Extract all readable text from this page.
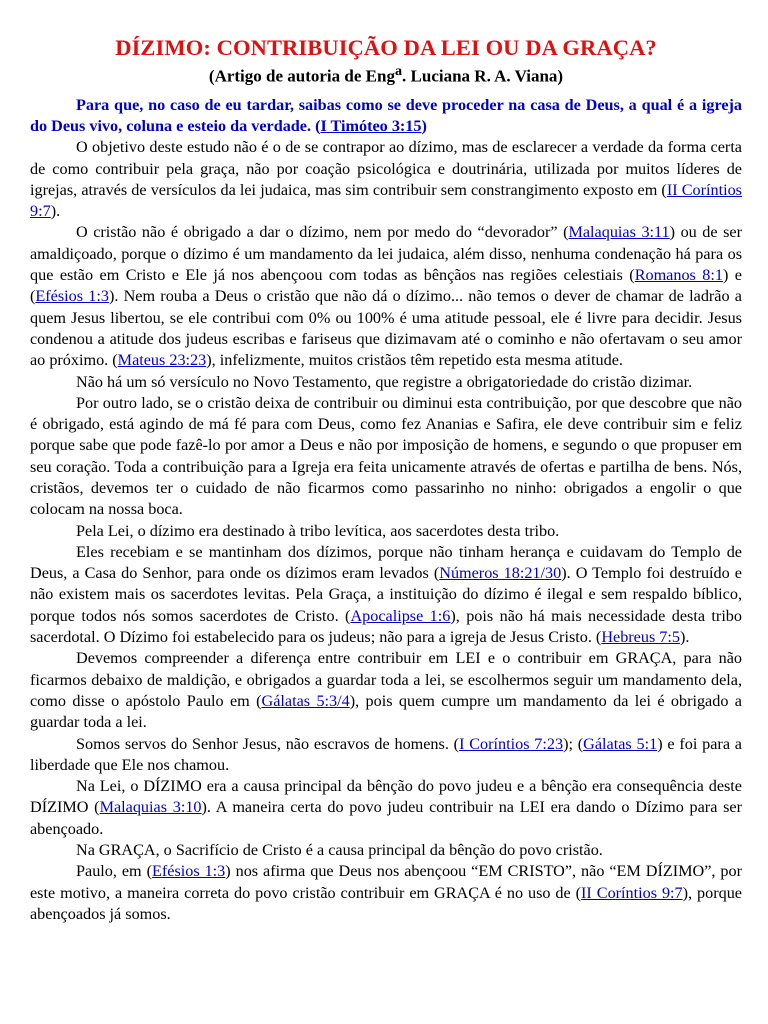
DÍZIMO: CONTRIBUIÇÃO DA LEI OU DA GRAÇA?
(Artigo de autoria de Eng$^a$. Luciana R. A. Viana)

Para que, no caso de eu tardar, saibas como se deve proceder na casa de Deus, a qual é a igreja do Deus vivo, coluna e esteio da verdade. (I Timóteo 3:15)

O objetivo deste estudo não é o de se contrapor ao dízimo, mas de esclarecer a verdade da forma certa de como contribuir pela graça, não por coação psicológica e doutrinária, utilizada por muitos líderes de igrejas, através de versículos da lei judaica, mas sim contribuir sem constrangimento exposto em (II Coríntios 9:7).

O cristão não é obrigado a dar o dízimo, nem por medo do “devorador” (Malaquias 3:11) ou de ser amaldiçoado, porque o dízimo é um mandamento da lei judaica, além disso, nenhuma condenação há para os que estão em Cristo e Ele já nos abençoou com todas as bênçãos nas regiões celestiais (Romanos 8:1) e (Efésios 1:3). Nem rouba a Deus o cristão que não dá o dízimo... não temos o dever de chamar de ladrão a quem Jesus libertou, se ele contribui com 0% ou 100% é uma atitude pessoal, ele é livre para decidir. Jesus condenou a atitude dos judeus escribas e fariseus que dizimavam até o cominho e não ofertavam o seu amor ao próximo. (Mateus 23:23), infelizmente, muitos cristãos têm repetido esta mesma atitude.

Não há um só versículo no Novo Testamento, que registre a obrigatoriedade do cristão dizimar.

Por outro lado, se o cristão deixa de contribuir ou diminui esta contribuição, por que descobre que não é obrigado, está agindo de má fé para com Deus, como fez Ananias e Safira, ele deve contribuir sim e feliz porque sabe que pode fazê-lo por amor a Deus e não por imposição de homens, e segundo o que propuser em seu coração. Toda a contribuição para a Igreja era feita unicamente através de ofertas e partilha de bens. Nós, cristãos, devemos ter o cuidado de não ficarmos como passarinho no ninho: obrigados a engolir o que colocam na nossa boca.

Pela Lei, o dízimo era destinado à tribo levítica, aos sacerdotes desta tribo.

Eles recebiam e se mantinham dos dízimos, porque não tinham herança e cuidavam do Templo de Deus, a Casa do Senhor, para onde os dízimos eram levados (Números 18:21/30). O Templo foi destruído e não existem mais os sacerdotes levitas. Pela Graça, a instituição do dízimo é ilegal e sem respaldo bíblico, porque todos nós somos sacerdotes de Cristo. (Apocalipse 1:6), pois não há mais necessidade desta tribo sacerdotal. O Dízimo foi estabelecido para os judeus; não para a igreja de Jesus Cristo. (Hebreus 7:5).

Devemos compreender a diferença entre contribuir em LEI e o contribuir em GRAÇA, para não ficarmos debaixo de maldição, e obrigados a guardar toda a lei, se escolhermos seguir um mandamento dela, como disse o apóstolo Paulo em (Gálatas 5:3/4), pois quem cumpre um mandamento da lei é obrigado a guardar toda a lei.

Somos servos do Senhor Jesus, não escravos de homens. (I Coríntios 7:23); (Gálatas 5:1) e foi para a liberdade que Ele nos chamou.

Na Lei, o DÍZIMO era a causa principal da bênção do povo judeu e a bênção era consequência deste DÍZIMO (Malaquias 3:10). A maneira certa do povo judeu contribuir na LEI era dando o Dízimo para ser abençoado.

Na GRAÇA, o Sacrifício de Cristo é a causa principal da bênção do povo cristão.

Paulo, em (Efésios 1:3) nos afirma que Deus nos abençoou “EM CRISTO”, não “EM DÍZIMO”, por este motivo, a maneira correta do povo cristão contribuir em GRAÇA é no uso de (II Coríntios 9:7), porque abençoados já somos.
